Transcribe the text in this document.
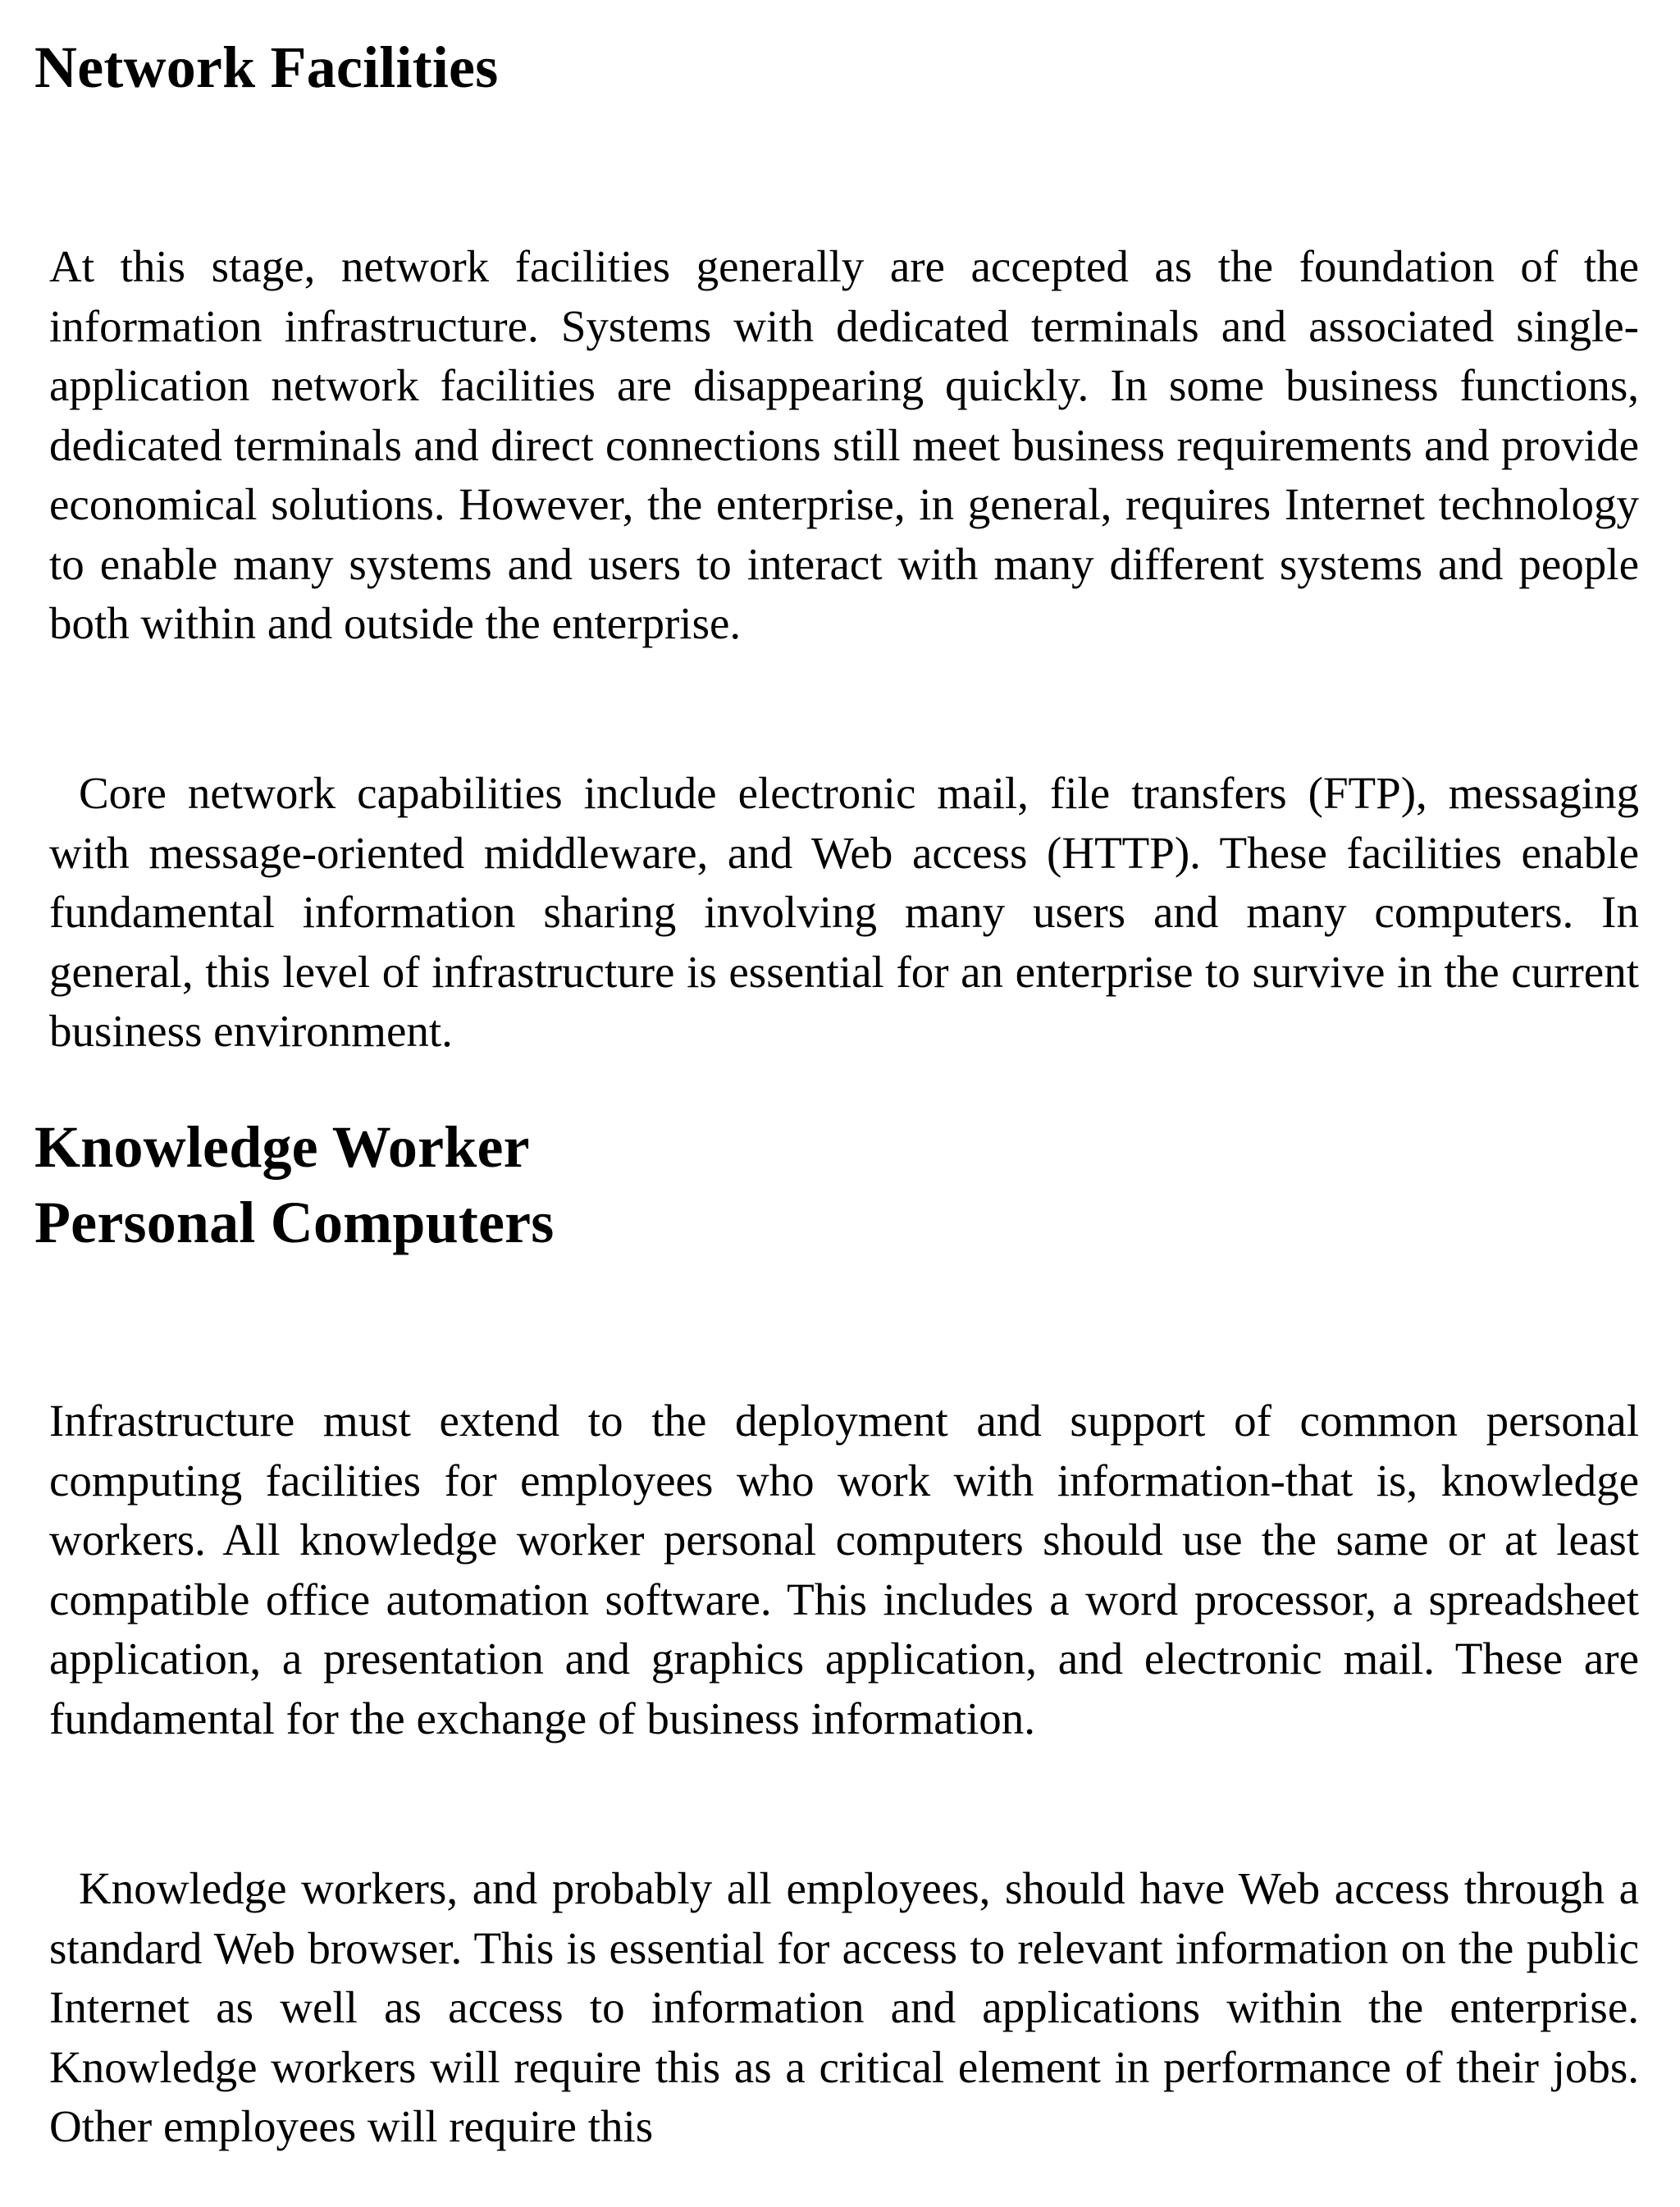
Network Facilities

At this stage, network facilities generally are accepted as the foundation of the information infrastructure. Systems with dedicated terminals and associated single-application network facilities are disappearing quickly. In some business functions, dedicated terminals and direct connections still meet business requirements and provide economical solutions. However, the enterprise, in general, requires Internet technology to enable many systems and users to interact with many different systems and people both within and outside the enterprise.

Core network capabilities include electronic mail, file transfers (FTP), messaging with message-oriented middleware, and Web access (HTTP). These facilities enable fundamental information sharing involving many users and many computers. In general, this level of infrastructure is essential for an enterprise to survive in the current business environment.

Knowledge Worker
Personal Computers

Infrastructure must extend to the deployment and support of common personal computing facilities for employees who work with information-that is, knowledge workers. All knowledge worker personal computers should use the same or at least compatible office automation software. This includes a word processor, a spreadsheet application, a presentation and graphics application, and electronic mail. These are fundamental for the exchange of business information.

Knowledge workers, and probably all employees, should have Web access through a standard Web browser. This is essential for access to relevant information on the public Internet as well as access to information and applications within the enterprise. Knowledge workers will require this as a critical element in performance of their jobs. Other employees will require this
